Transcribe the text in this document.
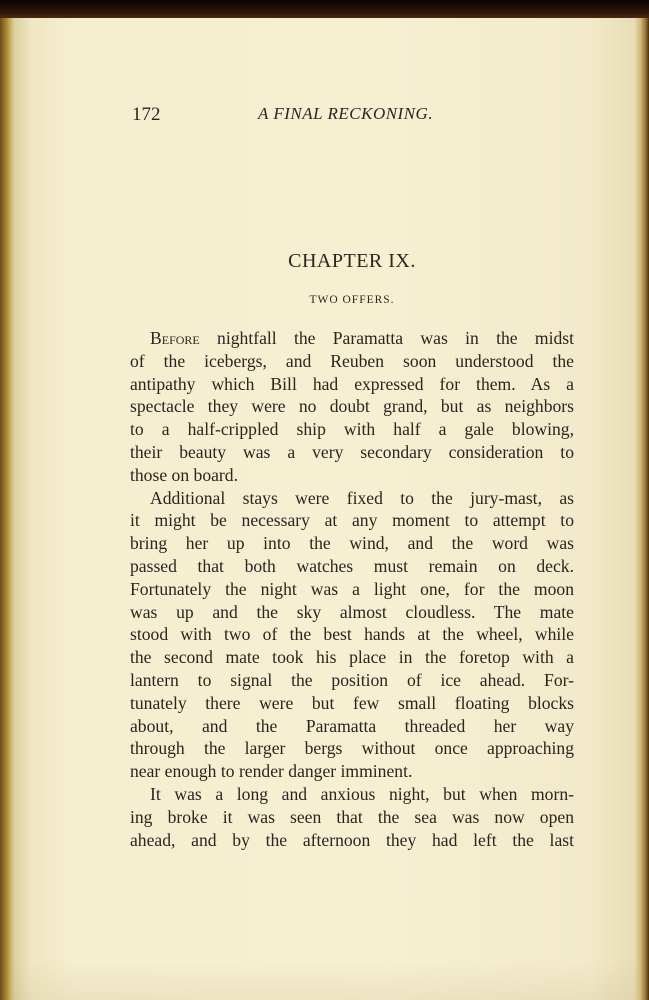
172	A FINAL RECKONING.
CHAPTER IX.
TWO OFFERS.
Before nightfall the Paramatta was in the midst
of the icebergs, and Reuben soon understood the
antipathy which Bill had expressed for them. As a
spectacle they were no doubt grand, but as neighbors
to a half-crippled ship with half a gale blowing,
their beauty was a very secondary consideration to
those on board.
Additional stays were fixed to the jury-mast, as
it might be necessary at any moment to attempt to
bring her up into the wind, and the word was
passed that both watches must remain on deck.
Fortunately the night was a light one, for the moon
was up and the sky almost cloudless. The mate
stood with two of the best hands at the wheel, while
the second mate took his place in the foretop with a
lantern to signal the position of ice ahead. For-
tunately there were but few small floating blocks
about, and the Paramatta threaded her way
through the larger bergs without once approaching
near enough to render danger imminent.
It was a long and anxious night, but when morn-
ing broke it was seen that the sea was now open
ahead, and by the afternoon they had left the last
